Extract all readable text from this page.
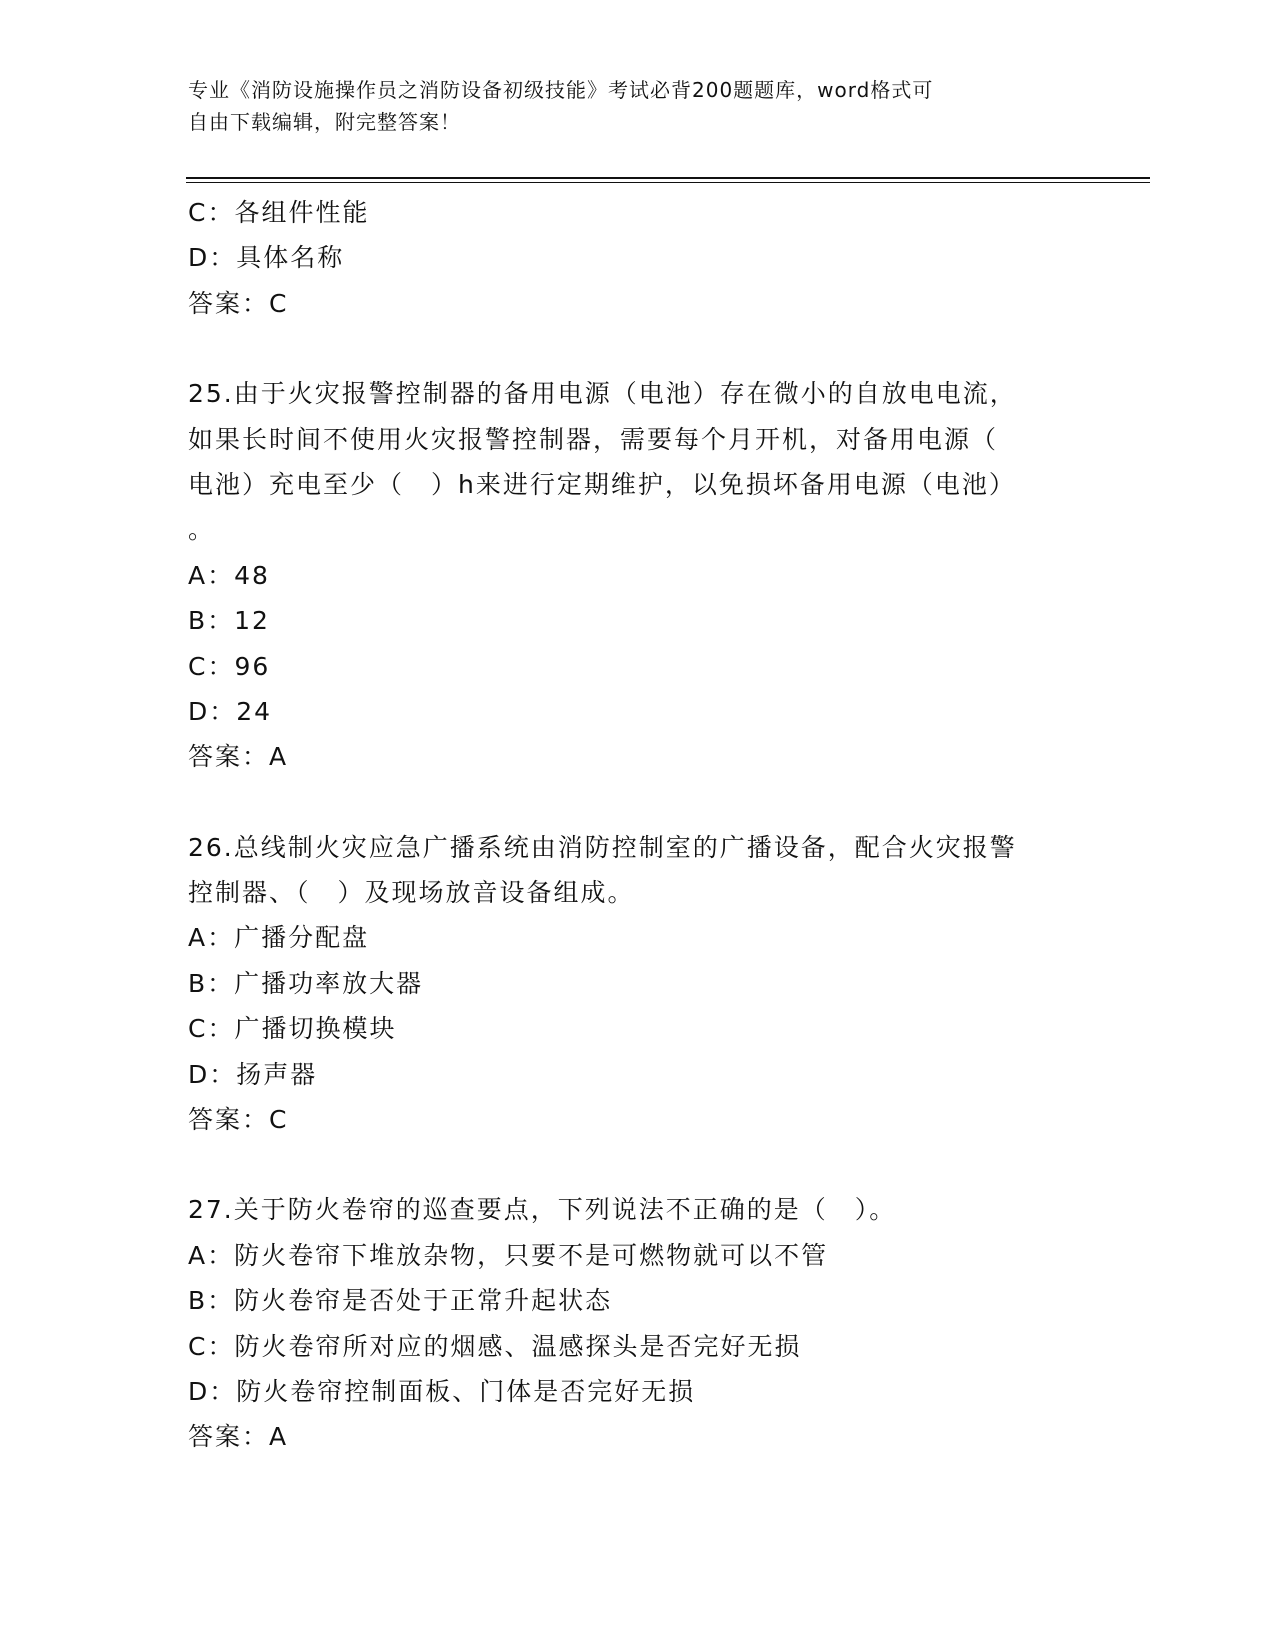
专业《消防设施操作员之消防设备初级技能》考试必背200题题库，word格式可
自由下载编辑，附完整答案！
C：各组件性能
D：具体名称
答案：C
25.由于火灾报警控制器的备用电源（电池）存在微小的自放电电流，
如果长时间不使用火灾报警控制器，需要每个月开机，对备用电源（
电池）充电至少（　）h来进行定期维护，以免损坏备用电源（电池）
。
A：48
B：12
C：96
D：24
答案：A
26.总线制火灾应急广播系统由消防控制室的广播设备，配合火灾报警
控制器、（　）及现场放音设备组成。
A：广播分配盘
B：广播功率放大器
C：广播切换模块
D：扬声器
答案：C
27.关于防火卷帘的巡查要点，下列说法不正确的是（　）。
A：防火卷帘下堆放杂物，只要不是可燃物就可以不管
B：防火卷帘是否处于正常升起状态
C：防火卷帘所对应的烟感、温感探头是否完好无损
D：防火卷帘控制面板、门体是否完好无损
答案：A
